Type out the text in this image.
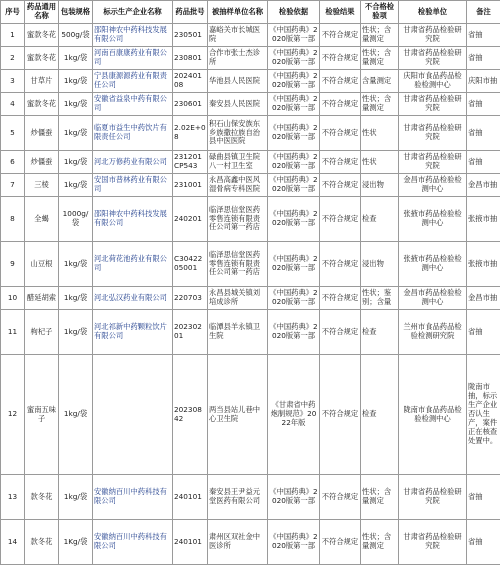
序号	药品通用名称	包装规格	标示生产企业名称	药品批号	被抽样单位名称	检验依据	检验结果	不合格检验项	检验单位	备注
1	蜜款冬花	500g/袋	邵阳神农中药科技发展有限公司	230501	嘉峪关市长城医院	《中国药典》2020版第一部	不符合规定	性状；含量测定	甘肃省药品检验研究院	省抽
2	蜜款冬花	1kg/袋	河南百康康药业有限公司	230801	合作市张士杰诊所	《中国药典》2020版第一部	不符合规定	性状；含量测定	甘肃省药品检验研究院	省抽
3	甘草片	1kg/袋	宁县康源源药业有限责任公司	20240108	华池县人民医院	《中国药典》2020版第一部	不符合规定	含量测定	庆阳市食品药品检验检测中心	庆阳市抽
4	蜜款冬花	1kg/袋	安徽省益泉中药有限公司	230601	秦安县人民医院	《中国药典》2020版第一部	不符合规定	性状；含量测定	甘肃省药品检验研究院	省抽
5	炒僵蚕	1kg/袋	临夏市益生中药饮片有限责任公司	2.02E+08	积石山保安族东乡族撒拉族自治县中医医院	《中国药典》2020版第一部	不符合规定	性状	甘肃省药品检验研究院	省抽
6	炒僵蚕	1kg/袋	河北万修药业有限公司	231201CP543	碌曲县镇卫生院八一村卫生室	《中国药典》2020版第一部	不符合规定	性状	甘肃省药品检验研究院	省抽
7	三棱	1kg/袋	安国市普林药业有限公司	231001	永昌高鑫中医风湿骨病专科医院	《中国药典》2020版第一部	不符合规定	浸出物	金昌市药品检验检测中心	金昌市抽
8	全蝎	1000g/袋	邵阳神农中药科技发展有限公司	240201	临泽思信堂医药零售连锁有限责任公司第一药店	《中国药典》2020版第一部	不符合规定	检查	张掖市药品检验检测中心	张掖市抽
9	山豆根	1kg/袋	河北荷花池药业有限公司	C3042205001	临泽思信堂医药零售连锁有限责任公司第一药店	《中国药典》2020版第一部	不符合规定	浸出物	张掖市药品检验检测中心	张掖市抽
10	醋延胡索	1kg/袋	河北弘汉药业有限公司	220703	永昌县城关镇刘培成诊所	《中国药典》2020版第一部	不符合规定	性状；鉴别；含量	金昌市药品检验检测中心	金昌市抽
11	枸杞子	1kg/袋	河北祁新中药颗粒饮片有限公司	20230201	临潭县羊永镇卫生院	《中国药典》2020版第一部	不符合规定	检查	兰州市食品药品检验检测研究院	省抽
12	蜜南五味子	1kg/袋		20230842	两当县站儿巷中心卫生院	《甘肃省中药炮制规范》2022年版	不符合规定	检查	陇南市食品药品检验检测中心	陇南市抽，标示生产企业否认生产，案件正在核查处置中。
13	款冬花	1kg/袋	安徽纳百川中药科技有限公司	240101	秦安县王尹益元堂医药有限公司	《中国药典》2020版第一部	不符合规定	性状；含量测定	甘肃省药品检验研究院	省抽
14	款冬花	1Kg/袋	安徽纳百川中药科技有限公司	240101	肃州区双社金中医诊所	《中国药典》2020版第一部	不符合规定	性状；含量测定	甘肃省药品检验研究院	省抽
